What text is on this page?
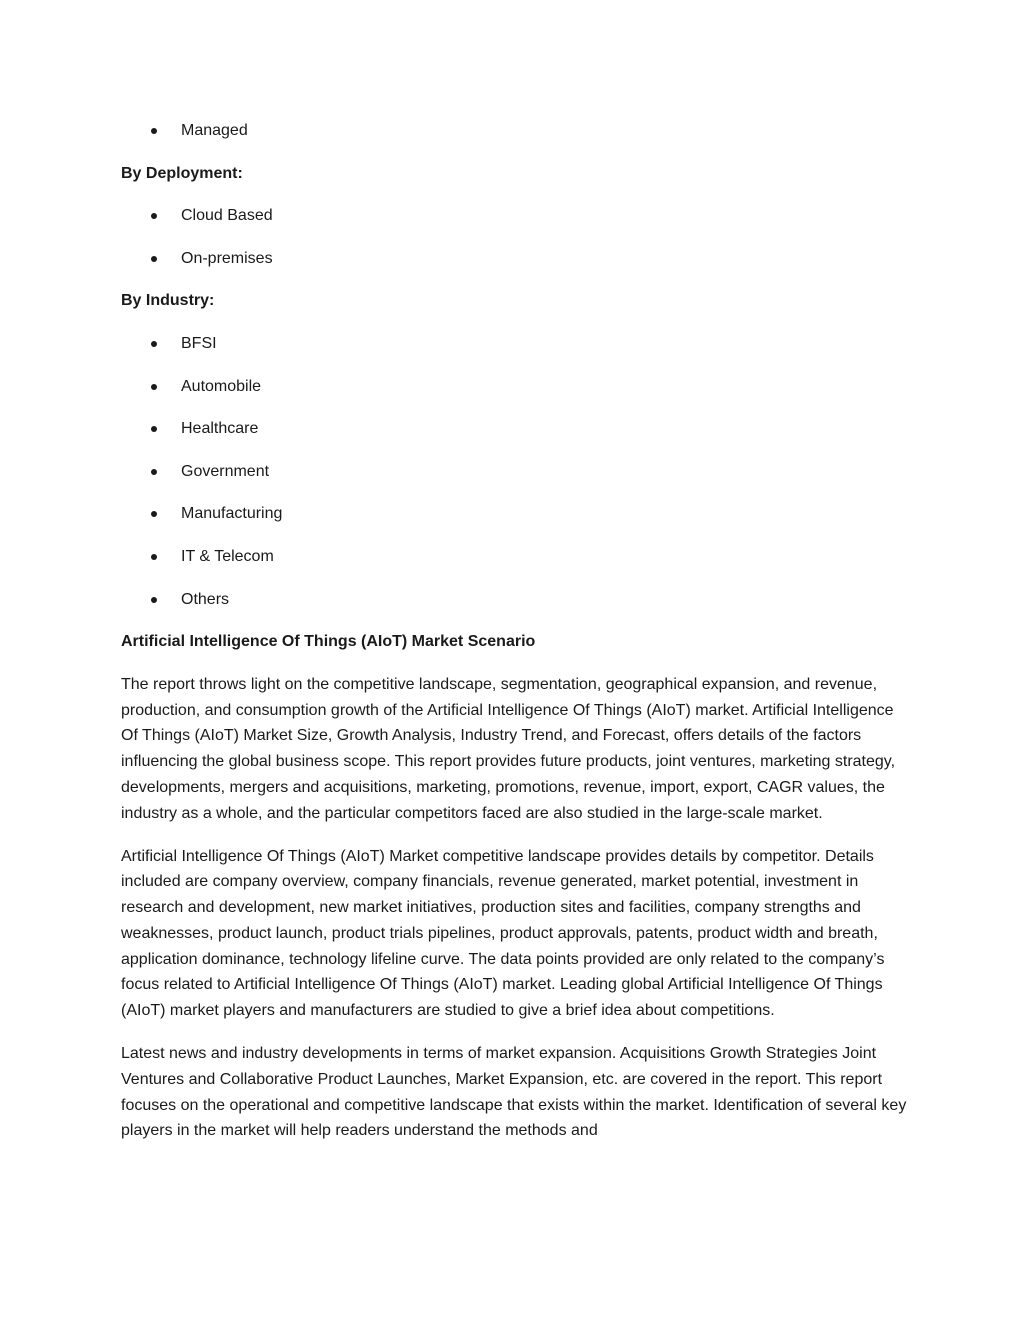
Managed
By Deployment:
Cloud Based
On-premises
By Industry:
BFSI
Automobile
Healthcare
Government
Manufacturing
IT & Telecom
Others
Artificial Intelligence Of Things (AIoT) Market Scenario

The report throws light on the competitive landscape, segmentation, geographical expansion, and revenue, production, and consumption growth of the Artificial Intelligence Of Things (AIoT) market. Artificial Intelligence Of Things (AIoT) Market Size, Growth Analysis, Industry Trend, and Forecast, offers details of the factors influencing the global business scope. This report provides future products, joint ventures, marketing strategy, developments, mergers and acquisitions, marketing, promotions, revenue, import, export, CAGR values, the industry as a whole, and the particular competitors faced are also studied in the large-scale market.

Artificial Intelligence Of Things (AIoT) Market competitive landscape provides details by competitor. Details included are company overview, company financials, revenue generated, market potential, investment in research and development, new market initiatives, production sites and facilities, company strengths and weaknesses, product launch, product trials pipelines, product approvals, patents, product width and breath, application dominance, technology lifeline curve. The data points provided are only related to the company’s focus related to Artificial Intelligence Of Things (AIoT) market. Leading global Artificial Intelligence Of Things (AIoT) market players and manufacturers are studied to give a brief idea about competitions.

Latest news and industry developments in terms of market expansion. Acquisitions Growth Strategies Joint Ventures and Collaborative Product Launches, Market Expansion, etc. are covered in the report. This report focuses on the operational and competitive landscape that exists within the market. Identification of several key players in the market will help readers understand the methods and
